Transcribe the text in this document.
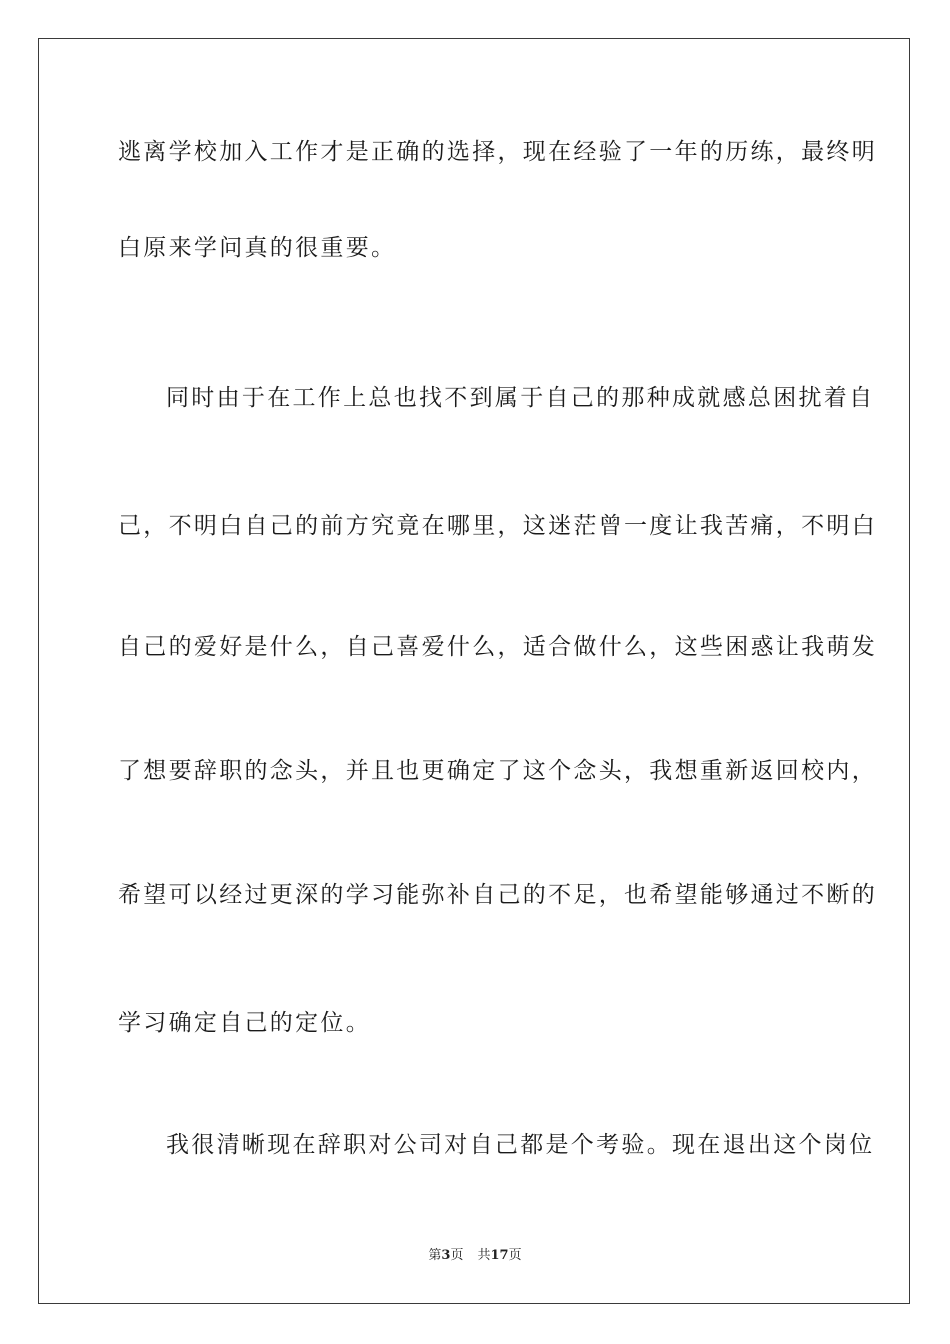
逃离学校加入工作才是正确的选择，现在经验了一年的历练，最终明
白原来学问真的很重要。
同时由于在工作上总也找不到属于自己的那种成就感总困扰着自
己，不明白自己的前方究竟在哪里，这迷茫曾一度让我苦痛，不明白
自己的爱好是什么，自己喜爱什么，适合做什么，这些困惑让我萌发
了想要辞职的念头，并且也更确定了这个念头，我想重新返回校内，
希望可以经过更深的学习能弥补自己的不足，也希望能够通过不断的
学习确定自己的定位。
我很清晰现在辞职对公司对自己都是个考验。现在退出这个岗位
第3页 共17页
